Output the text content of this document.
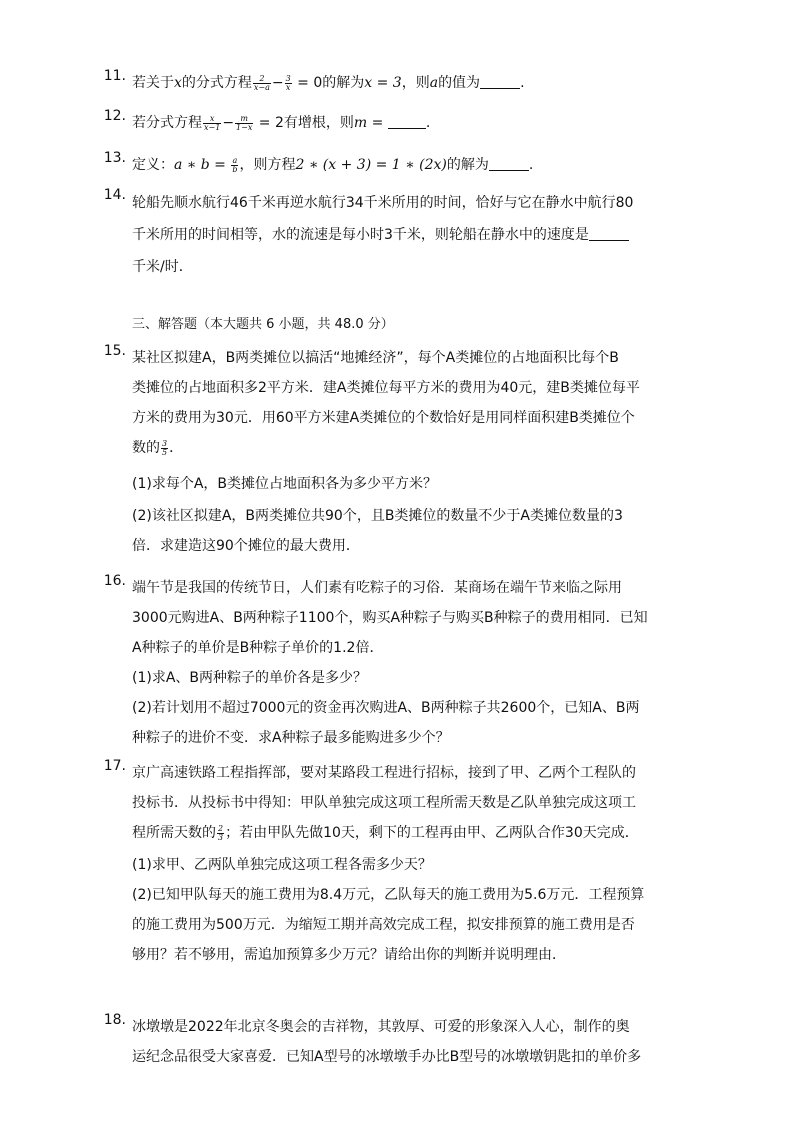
11. 若关于x的分式方程 $\frac{2}{x-a} - \frac{3}{x} = 0$的解为x = 3，则a的值为	.
12. 若分式方程 $\frac{x}{x-1} - \frac{m}{1-x} = 2$有增根，则m =	.
13. 定义：a ∗ $b = \frac{a}{b}$ ，则方程2 ∗ (x + 3) = 1 ∗ (2x)的解为	.
14. 轮船先顺水航行46千米再逆水航行34千米所用的时间，恰好与它在静水中航行80
千米所用的时间相等，水的流速是每小时3千米，则轮船在静水中的速度是
千米/时．
三、解答题（本大题共 6 小题，共 48.0 分）
15. 某社区拟建A，B两类摊位以搞活“地摊经济”，每个A类摊位的占地面积比每个B
类摊位的占地面积多2平方米．建A类摊位每平方米的费用为40元，建B类摊位每平
方米的费用为30元．用60平方米建A类摊位的个数恰好是用同样面积建B类摊位个
数的 $\frac{3}{5}$ ．
(1)求每个A，B类摊位占地面积各为多少平方米？
(2)该社区拟建A，B两类摊位共90个，且B类摊位的数量不少于A类摊位数量的3
倍．求建造这90个摊位的最大费用．
16. 端午节是我国的传统节日，人们素有吃粽子的习俗．某商场在端午节来临之际用
3000元购进A、B两种粽子1100个，购买A种粽子与购买B种粽子的费用相同．已知
A种粽子的单价是B种粽子单价的1.2倍．
(1)求A、B两种粽子的单价各是多少？
(2)若计划用不超过7000元的资金再次购进A、B两种粽子共2600个，已知A、B两
种粽子的进价不变．求A种粽子最多能购进多少个？
17. 京广高速铁路工程指挥部，要对某路段工程进行招标，接到了甲、乙两个工程队的
投标书．从投标书中得知：甲队单独完成这项工程所需天数是乙队单独完成这项工
程所需天数的 $\frac{2}{3}$ ；若由甲队先做10天，剩下的工程再由甲、乙两队合作30天完成．
(1)求甲、乙两队单独完成这项工程各需多少天？
(2)已知甲队每天的施工费用为8.4万元，乙队每天的施工费用为5.6万元．工程预算
的施工费用为500万元．为缩短工期并高效完成工程，拟安排预算的施工费用是否
够用？若不够用，需追加预算多少万元？请给出你的判断并说明理由．
18. 冰墩墩是2022年北京冬奥会的吉祥物，其敦厚、可爱的形象深入人心，制作的奥
运纪念品很受大家喜爱．已知A型号的冰墩墩手办比B型号的冰墩墩钥匙扣的单价多
